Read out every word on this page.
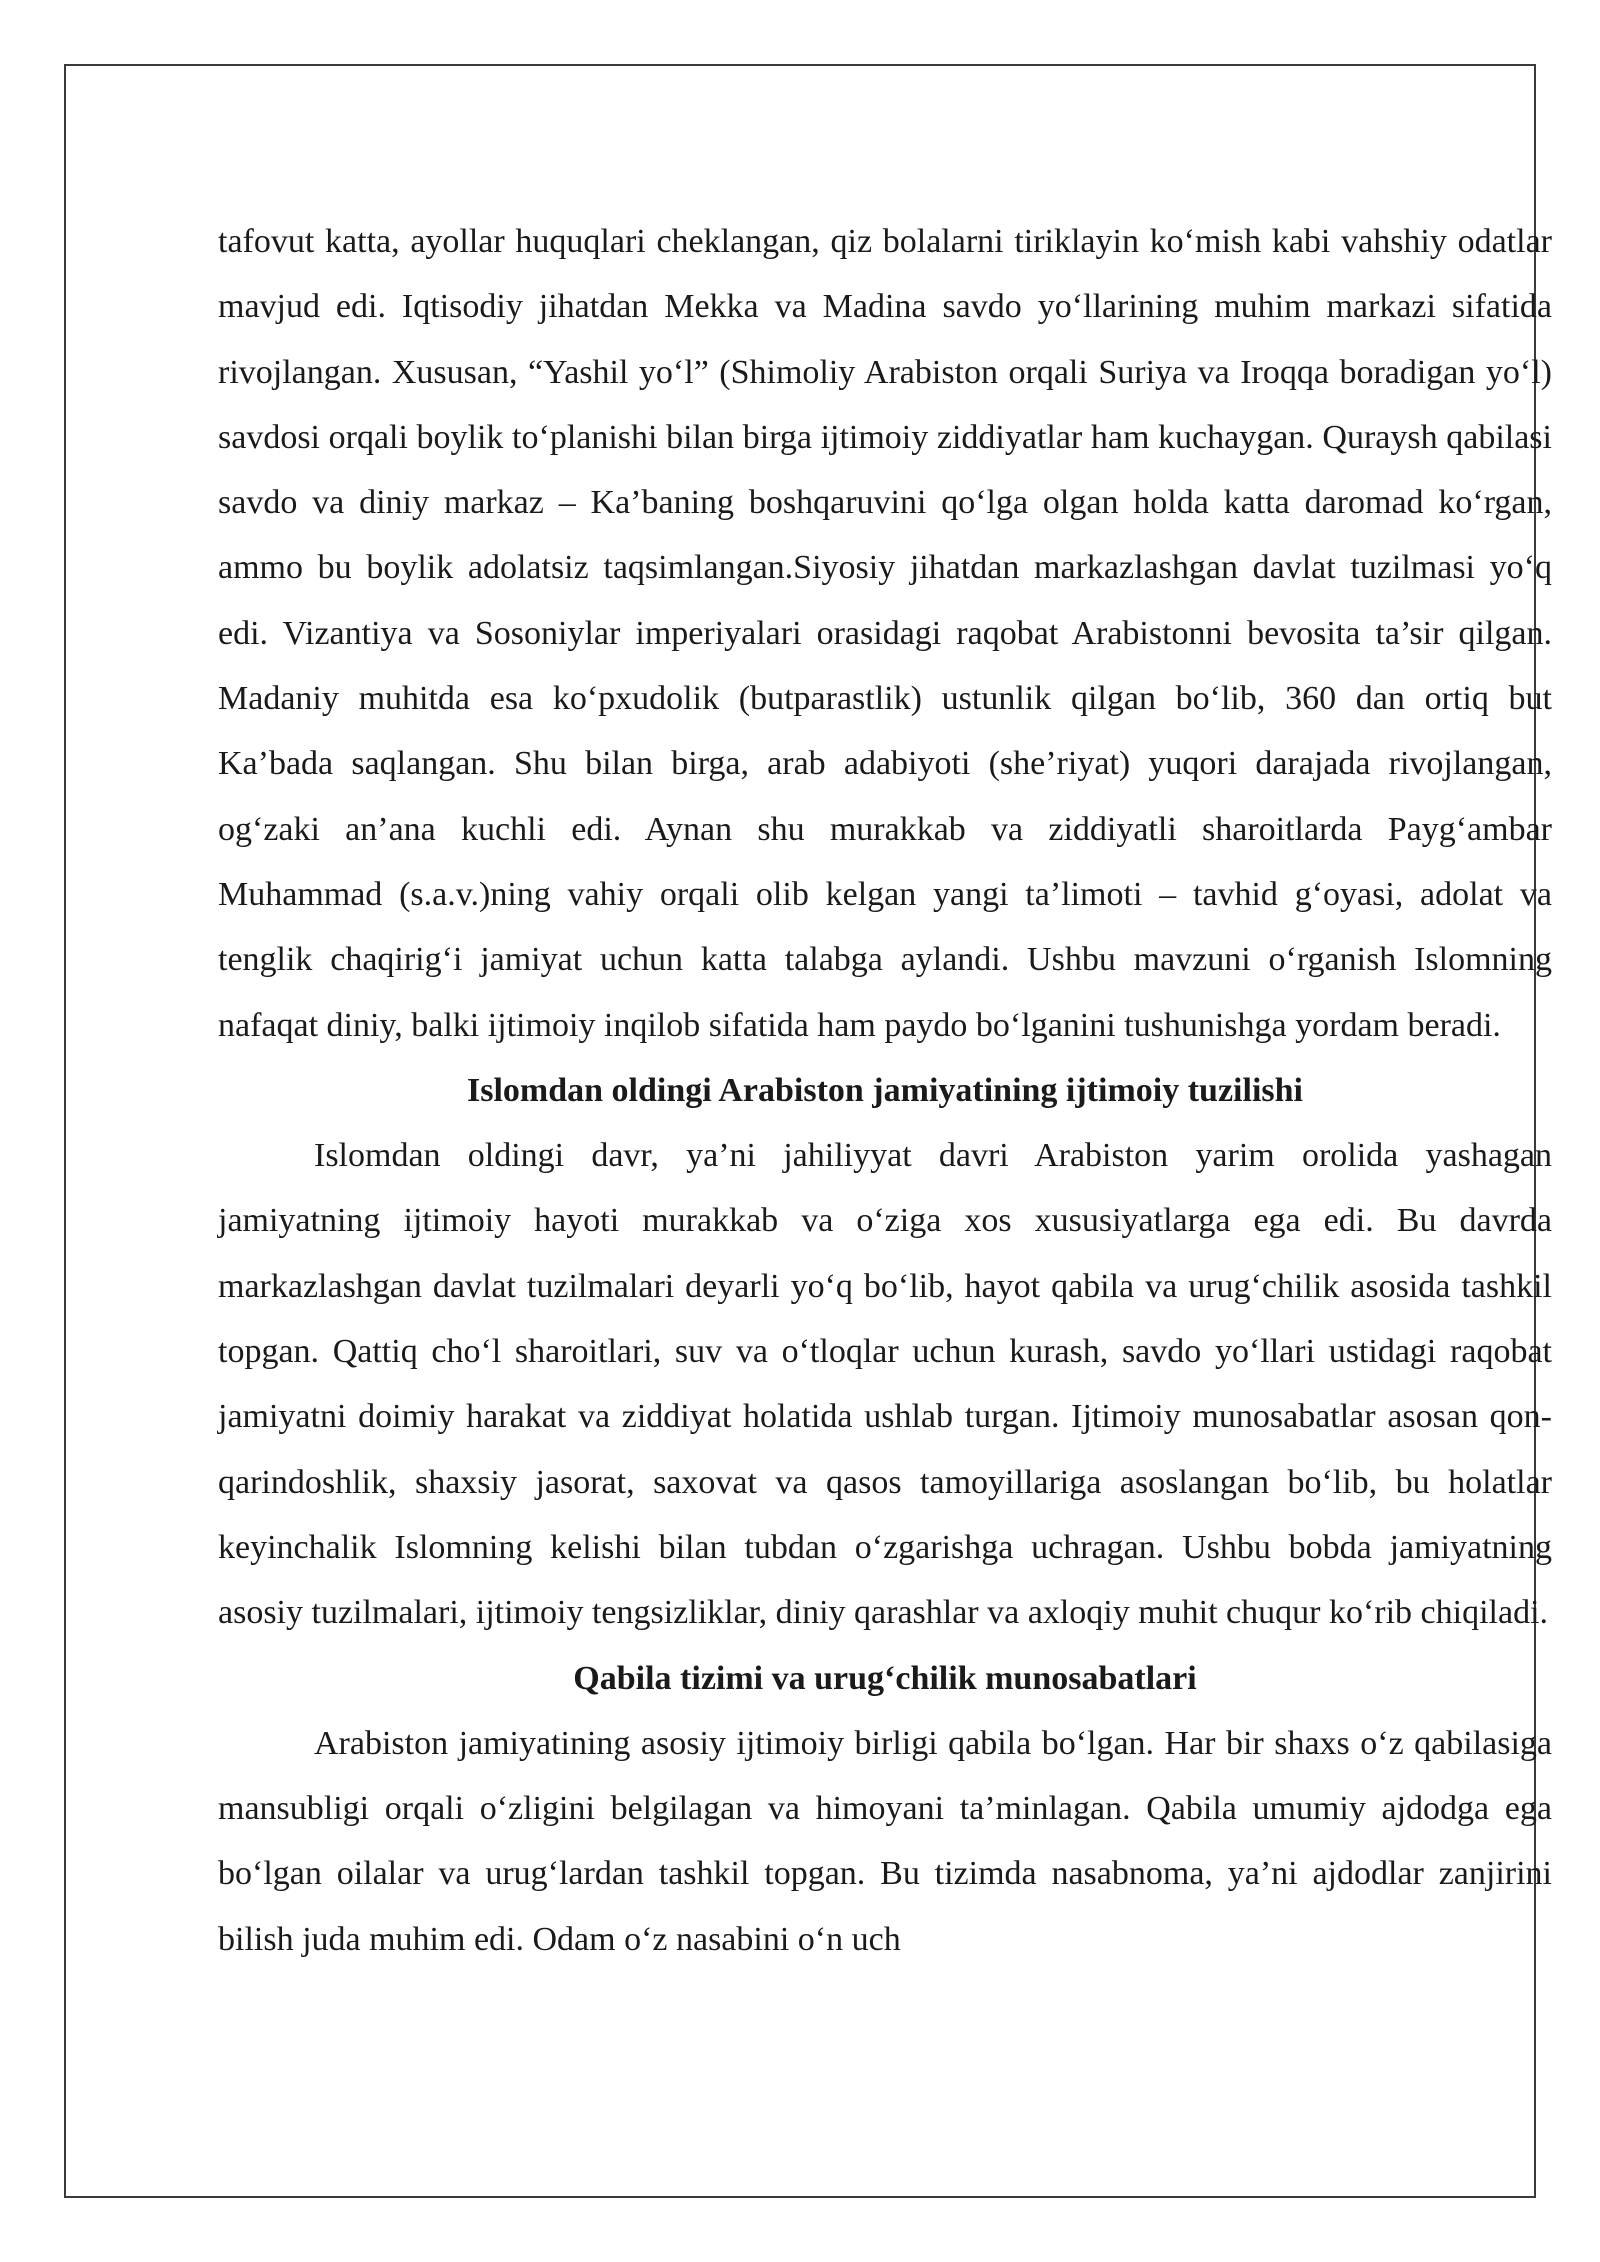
tafovut katta, ayollar huquqlari cheklangan, qiz bolalarni tiriklayin ko‘mish kabi vahshiy odatlar mavjud edi. Iqtisodiy jihatdan Mekka va Madina savdo yo‘llarining muhim markazi sifatida rivojlangan. Xususan, “Yashil yo‘l” (Shimoliy Arabiston orqali Suriya va Iroqqa boradigan yo‘l) savdosi orqali boylik to‘planishi bilan birga ijtimoiy ziddiyatlar ham kuchaygan. Quraysh qabilasi savdo va diniy markaz – Ka’baning boshqaruvini qo‘lga olgan holda katta daromad ko‘rgan, ammo bu boylik adolatsiz taqsimlangan.Siyosiy jihatdan markazlashgan davlat tuzilmasi yo‘q edi. Vizantiya va Sosoniylar imperiyalari orasidagi raqobat Arabistonni bevosita ta’sir qilgan. Madaniy muhitda esa ko‘pxudolik (butparastlik) ustunlik qilgan bo‘lib, 360 dan ortiq but Ka’bada saqlangan. Shu bilan birga, arab adabiyoti (she’riyat) yuqori darajada rivojlangan, og‘zaki an’ana kuchli edi. Aynan shu murakkab va ziddiyatli sharoitlarda Payg‘ambar Muhammad (s.a.v.)ning vahiy orqali olib kelgan yangi ta’limoti – tavhid g‘oyasi, adolat va tenglik chaqirig‘i jamiyat uchun katta talabga aylandi. Ushbu mavzuni o‘rganish Islomning nafaqat diniy, balki ijtimoiy inqilob sifatida ham paydo bo‘lganini tushunishga yordam beradi.

Islomdan oldingi Arabiston jamiyatining ijtimoiy tuzilishi

Islomdan oldingi davr, ya’ni jahiliyyat davri Arabiston yarim orolida yashagan jamiyatning ijtimoiy hayoti murakkab va o‘ziga xos xususiyatlarga ega edi. Bu davrda markazlashgan davlat tuzilmalari deyarli yo‘q bo‘lib, hayot qabila va urug‘chilik asosida tashkil topgan. Qattiq cho‘l sharoitlari, suv va o‘tloqlar uchun kurash, savdo yo‘llari ustidagi raqobat jamiyatni doimiy harakat va ziddiyat holatida ushlab turgan. Ijtimoiy munosabatlar asosan qon-qarindoshlik, shaxsiy jasorat, saxovat va qasos tamoyillariga asoslangan bo‘lib, bu holatlar keyinchalik Islomning kelishi bilan tubdan o‘zgarishga uchragan. Ushbu bobda jamiyatning asosiy tuzilmalari, ijtimoiy tengsizliklar, diniy qarashlar va axloqiy muhit chuqur ko‘rib chiqiladi.

Qabila tizimi va urug‘chilik munosabatlari

Arabiston jamiyatining asosiy ijtimoiy birligi qabila bo‘lgan. Har bir shaxs o‘z qabilasiga mansubligi orqali o‘zligini belgilagan va himoyani ta’minlagan. Qabila umumiy ajdodga ega bo‘lgan oilalar va urug‘lardan tashkil topgan. Bu tizimda nasabnoma, ya’ni ajdodlar zanjirini bilish juda muhim edi. Odam o‘z nasabini o‘n uch
